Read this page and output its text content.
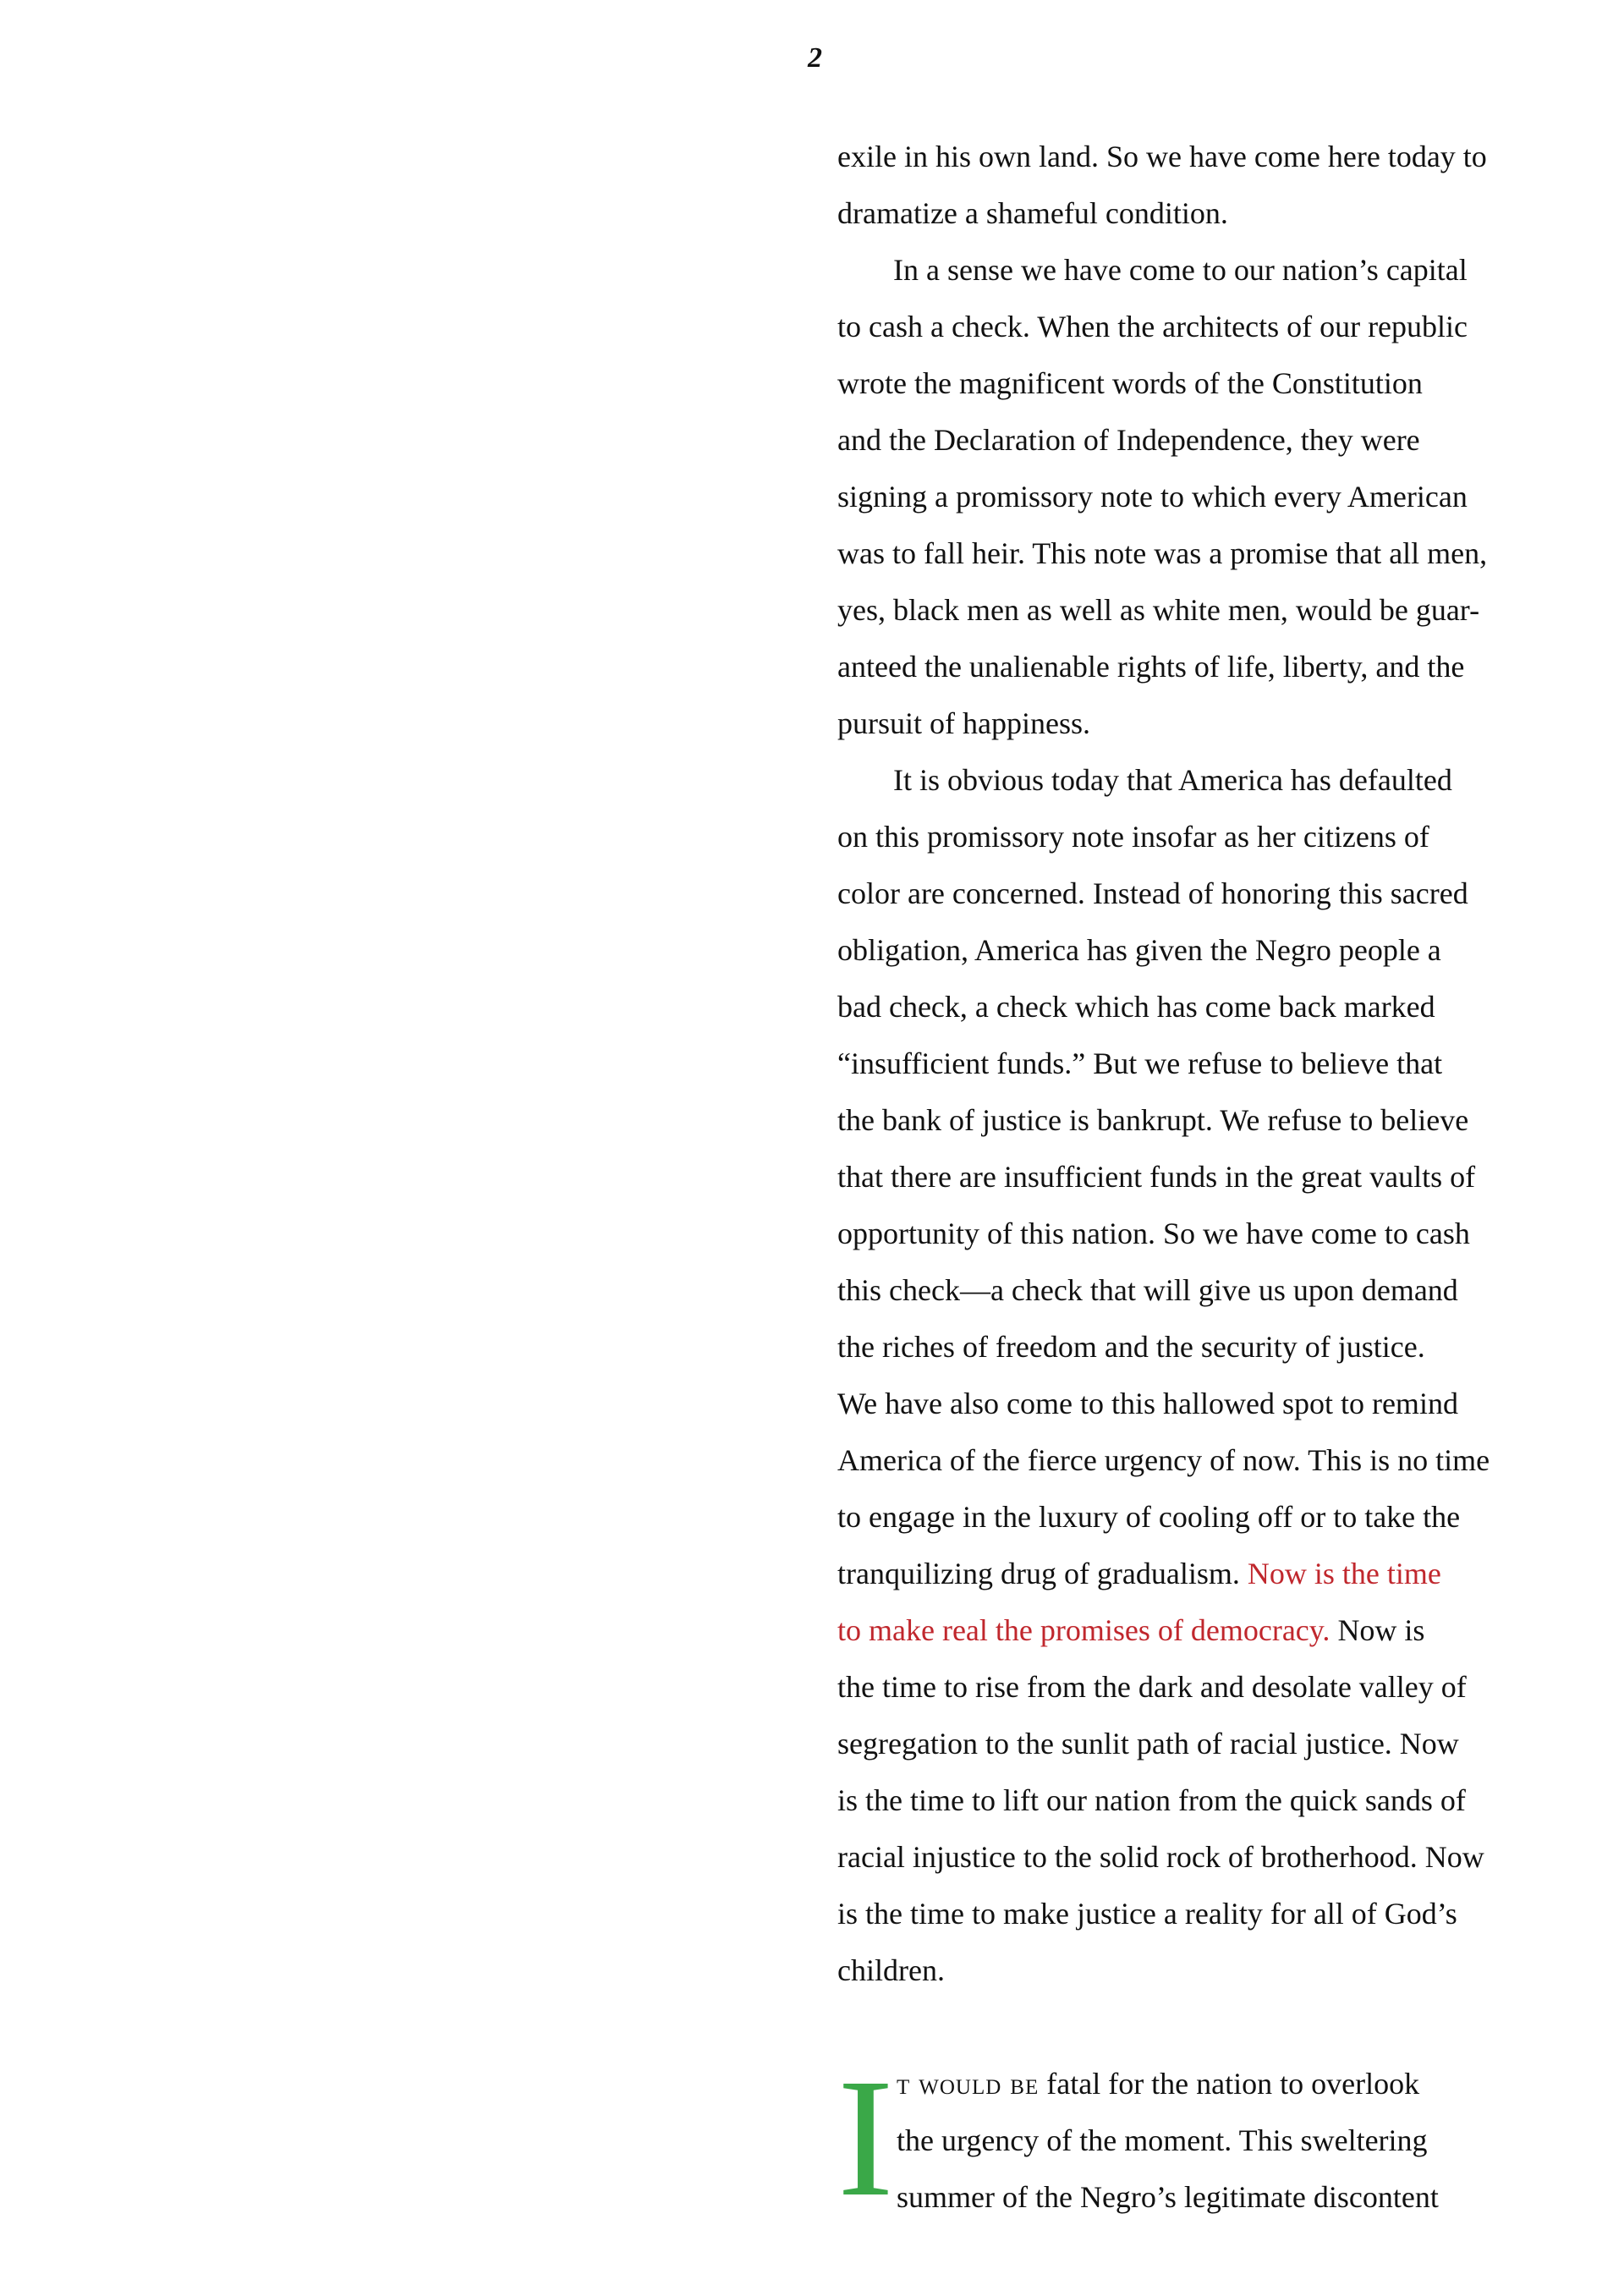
2
exile in his own land. So we have come here today to
dramatize a shameful condition.
In a sense we have come to our nation’s capital
to cash a check. When the architects of our republic
wrote the magnificent words of the Constitution
and the Declaration of Independence, they were
signing a promissory note to which every American
was to fall heir. This note was a promise that all men,
yes, black men as well as white men, would be guar-
anteed the unalienable rights of life, liberty, and the
pursuit of happiness.
It is obvious today that America has defaulted
on this promissory note insofar as her citizens of
color are concerned. Instead of honoring this sacred
obligation, America has given the Negro people a
bad check, a check which has come back marked
“insufficient funds.” But we refuse to believe that
the bank of justice is bankrupt. We refuse to believe
that there are insufficient funds in the great vaults of
opportunity of this nation. So we have come to cash
this check—a check that will give us upon demand
the riches of freedom and the security of justice.
We have also come to this hallowed spot to remind
America of the fierce urgency of now. This is no time
to engage in the luxury of cooling off or to take the
tranquilizing drug of gradualism. Now is the time
to make real the promises of democracy. Now is
the time to rise from the dark and desolate valley of
segregation to the sunlit path of racial justice. Now
is the time to lift our nation from the quick sands of
racial injustice to the solid rock of brotherhood. Now
is the time to make justice a reality for all of God’s
children.
I t would be fatal for the nation to overlook
the urgency of the moment. This sweltering
summer of the Negro’s legitimate discontent
